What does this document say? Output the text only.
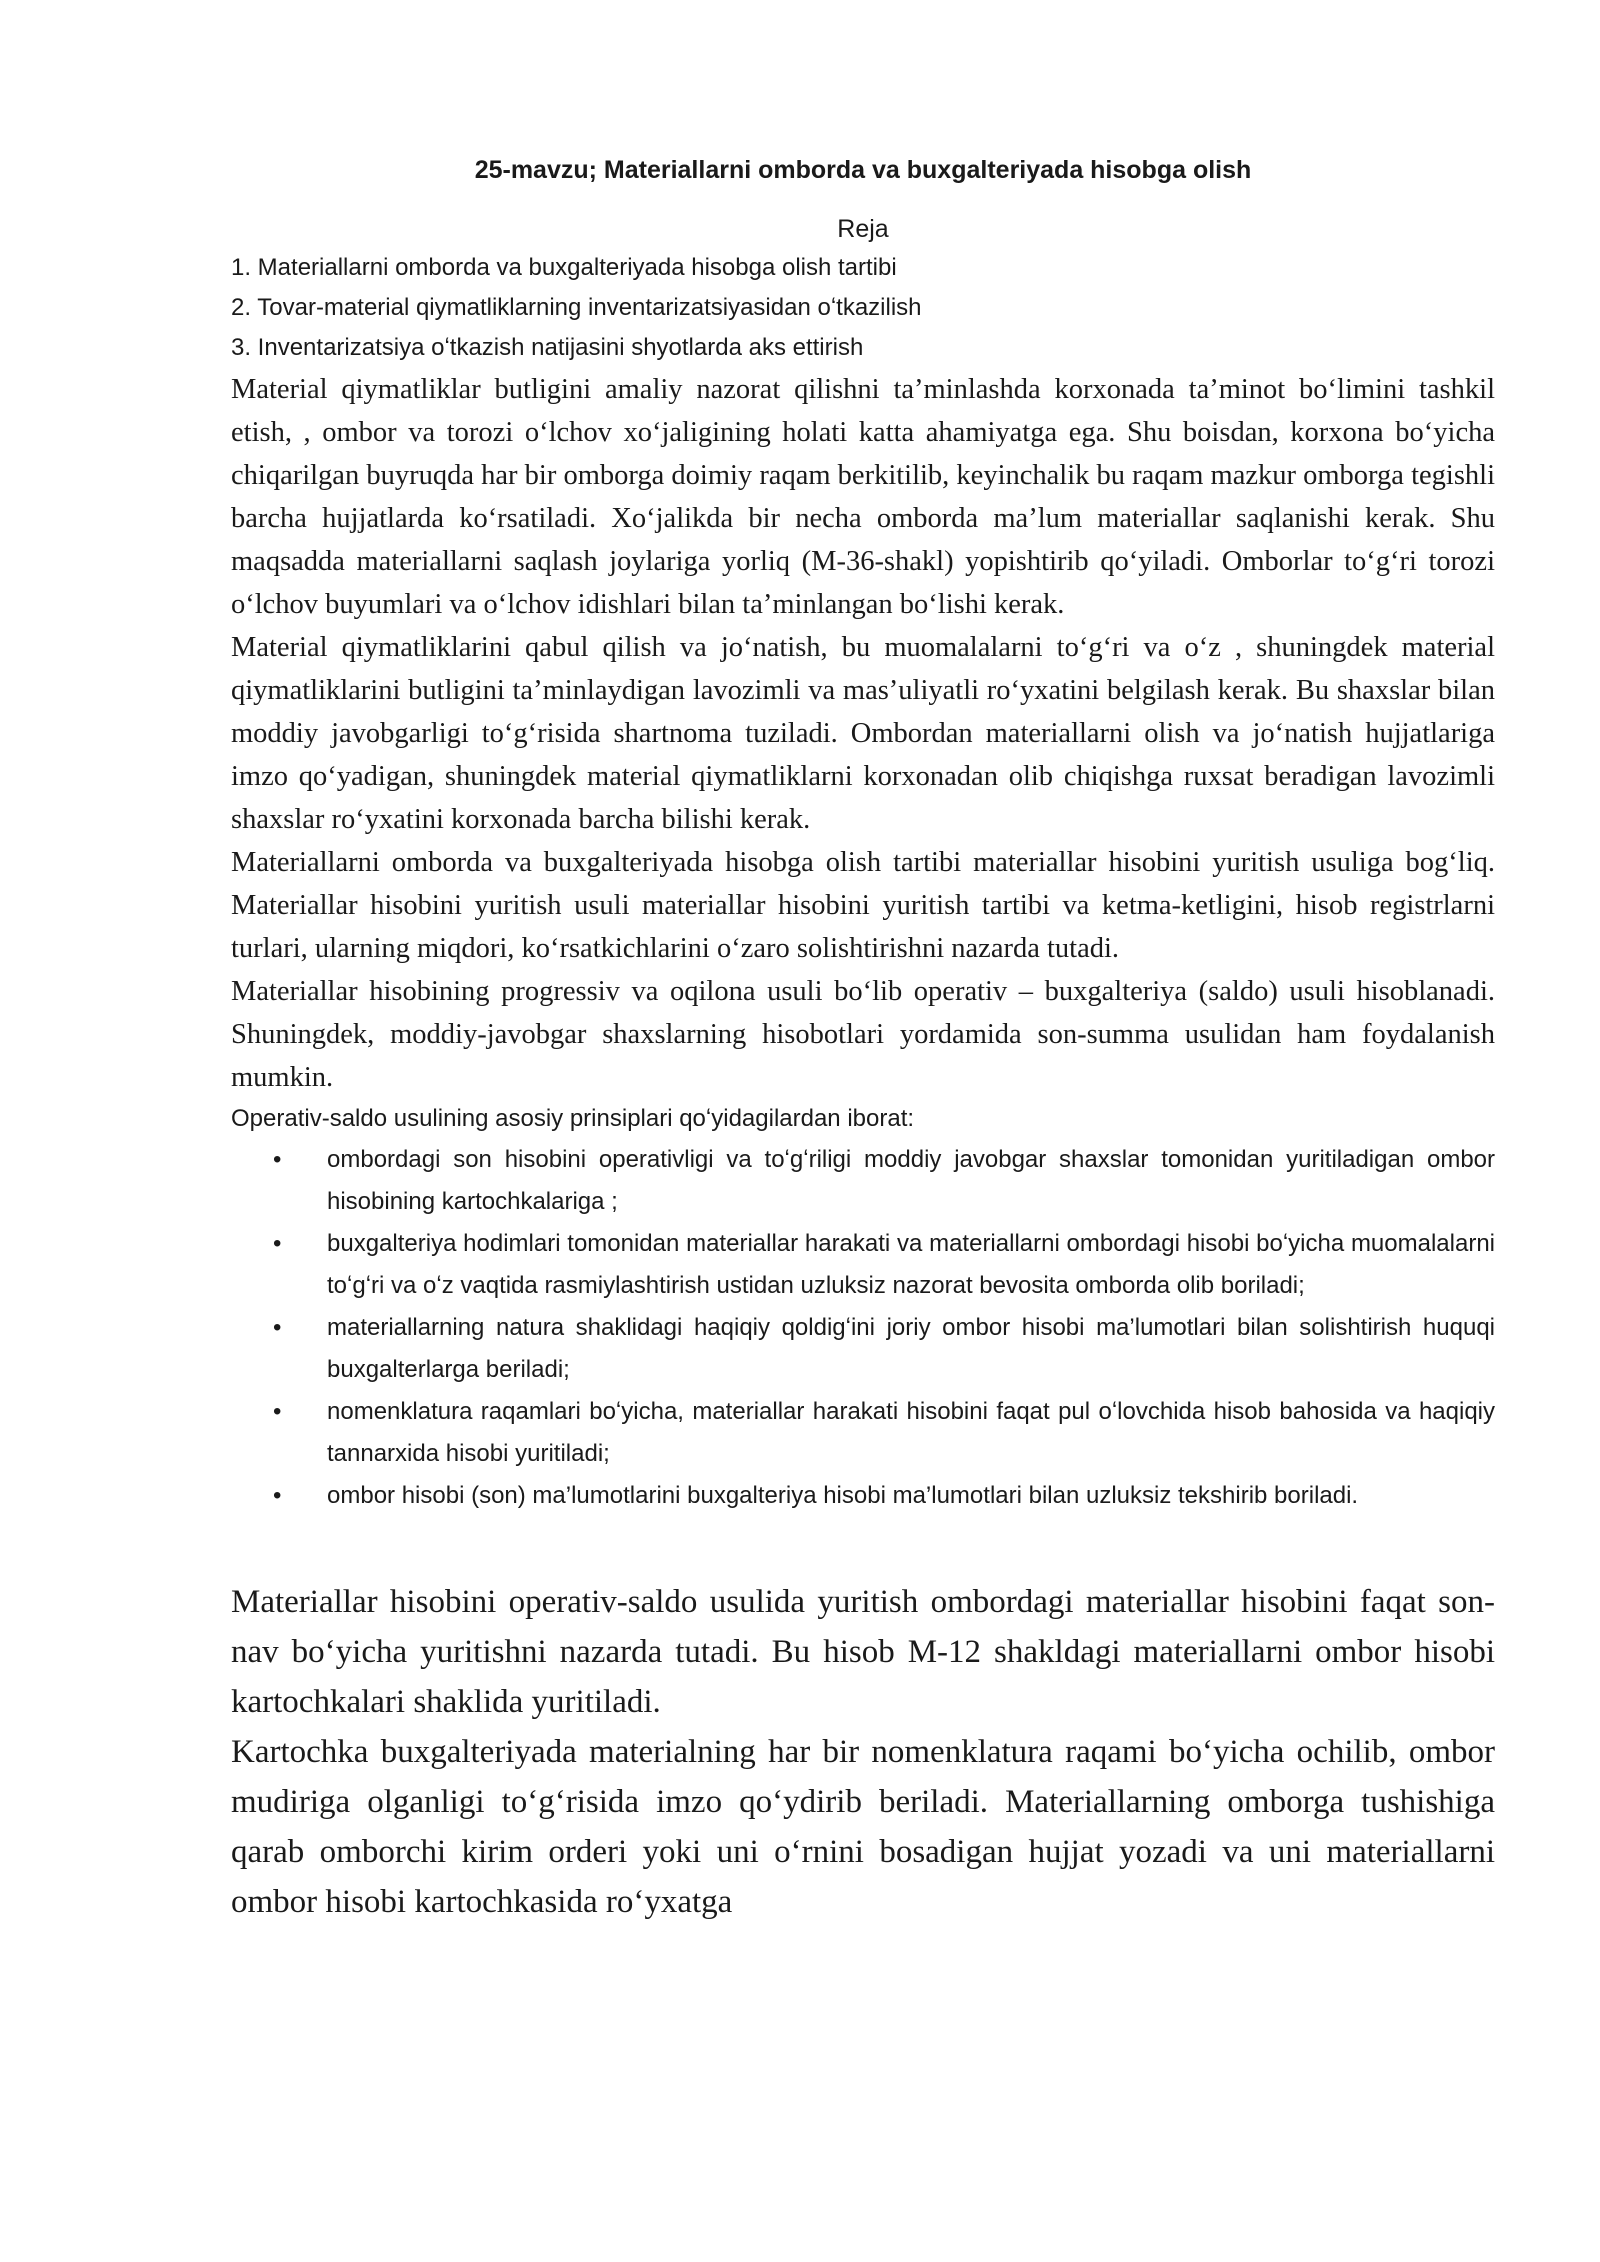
25-mavzu; Materiallarni omborda va buxgalteriyada hisobga olish

Reja

1. Materiallarni omborda va buxgalteriyada hisobga olish tartibi
2. Tovar-material qiymatliklarning inventarizatsiyasidan oʻtkazilish
3. Inventarizatsiya oʻtkazish natijasini shyotlarda aks ettirish

Material qiymatliklar butligini amaliy nazorat qilishni ta’minlashda korxonada ta’minot boʻlimini tashkil etish, , ombor va torozi oʻlchov xoʻjaligining holati katta ahamiyatga ega. Shu boisdan, korxona boʻyicha chiqarilgan buyruqda har bir omborga doimiy raqam berkitilib, keyinchalik bu raqam mazkur omborga tegishli barcha hujjatlarda koʻrsatiladi. Xoʻjalikda bir necha omborda ma’lum materiallar saqlanishi kerak. Shu maqsadda materiallarni saqlash joylariga yorliq (M-36-shakl) yopishtirib qoʻyiladi. Omborlar toʻgʻri torozi oʻlchov buyumlari va oʻlchov idishlari bilan ta’minlangan boʻlishi kerak.

Material qiymatliklarini qabul qilish va joʻnatish, bu muomalalarni toʻgʻri va oʻz , shuningdek material qiymatliklarini butligini ta’minlaydigan lavozimli va mas’uliyatli roʻyxatini belgilash kerak. Bu shaxslar bilan moddiy javobgarligi toʻgʻrisida shartnoma tuziladi. Ombordan materiallarni olish va joʻnatish hujjatlariga imzo qoʻyadigan, shuningdek material qiymatliklarni korxonadan olib chiqishga ruxsat beradigan lavozimli shaxslar roʻyxatini korxonada barcha bilishi kerak.

Materiallarni omborda va buxgalteriyada hisobga olish tartibi materiallar hisobini yuritish usuliga bogʻliq. Materiallar hisobini yuritish usuli materiallar hisobini yuritish tartibi va ketma-ketligini, hisob registrlarni turlari, ularning miqdori, koʻrsatkichlarini oʻzaro solishtirishni nazarda tutadi.

Materiallar hisobining progressiv va oqilona usuli boʻlib operativ – buxgalteriya (saldo) usuli hisoblanadi. Shuningdek, moddiy-javobgar shaxslarning hisobotlari yordamida son-summa usulidan ham foydalanish mumkin.

Operativ-saldo usulining asosiy prinsiplari qoʻyidagilardan iborat:

• ombordagi son hisobini operativligi va toʻgʻriligi moddiy javobgar shaxslar tomonidan yuritiladigan ombor hisobining kartochkalariga ;
• buxgalteriya hodimlari tomonidan materiallar harakati va materiallarni ombordagi hisobi boʻyicha muomalalarni toʻgʻri va oʻz vaqtida rasmiylashtirish ustidan uzluksiz nazorat bevosita omborda olib boriladi;
• materiallarning natura shaklidagi haqiqiy qoldigʻini joriy ombor hisobi ma’lumotlari bilan solishtirish huquqi buxgalterlarga beriladi;
• nomenklatura raqamlari boʻyicha, materiallar harakati hisobini faqat pul oʻlovchida hisob bahosida va haqiqiy tannarxida hisobi yuritiladi;
• ombor hisobi (son) ma’lumotlarini buxgalteriya hisobi ma’lumotlari bilan uzluksiz tekshirib boriladi.

Materiallar hisobini operativ-saldo usulida yuritish ombordagi materiallar hisobini faqat son-nav boʻyicha yuritishni nazarda tutadi. Bu hisob M-12 shakldagi materiallarni ombor hisobi kartochkalari shaklida yuritiladi.

Kartochka buxgalteriyada materialning har bir nomenklatura raqami boʻyicha ochilib, ombor mudiriga olganligi toʻgʻrisida imzo qoʻydirib beriladi. Materiallarning omborga tushishiga qarab omborchi kirim orderi yoki uni oʻrnini bosadigan hujjat yozadi va uni materiallarni ombor hisobi kartochkasida roʻyxatga
